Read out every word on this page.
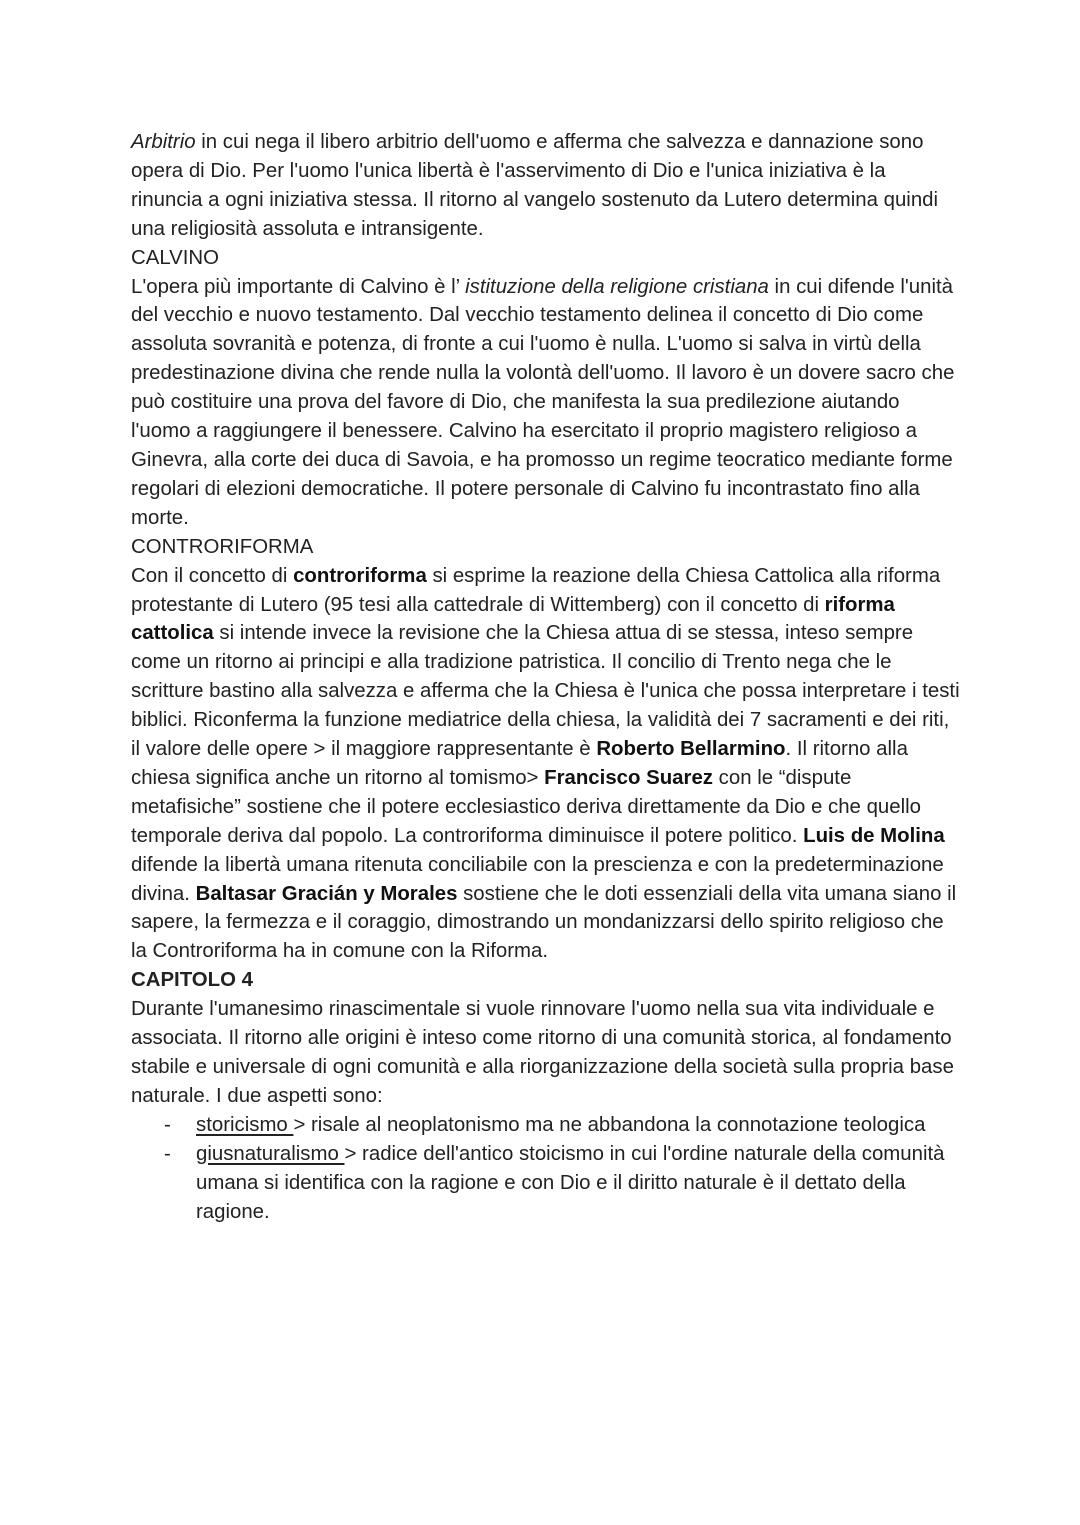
Arbitrio in cui nega il libero arbitrio dell'uomo e afferma che salvezza e dannazione sono opera di Dio. Per l'uomo l'unica libertà è l'asservimento di Dio e l'unica iniziativa è la rinuncia a ogni iniziativa stessa. Il ritorno al vangelo sostenuto da Lutero determina quindi una religiosità assoluta e intransigente.

CALVINO

L'opera più importante di Calvino è l’ istituzione della religione cristiana in cui difende l'unità del vecchio e nuovo testamento. Dal vecchio testamento delinea il concetto di Dio come assoluta sovranità e potenza, di fronte a cui l'uomo è nulla. L'uomo si salva in virtù della predestinazione divina che rende nulla la volontà dell'uomo. Il lavoro è un dovere sacro che può costituire una prova del favore di Dio, che manifesta la sua predilezione aiutando l'uomo a raggiungere il benessere. Calvino ha esercitato il proprio magistero religioso a Ginevra, alla corte dei duca di Savoia, e ha promosso un regime teocratico mediante forme regolari di elezioni democratiche. Il potere personale di Calvino fu incontrastato fino alla morte.

CONTRORIFORMA

Con il concetto di controriforma si esprime la reazione della Chiesa Cattolica alla riforma protestante di Lutero (95 tesi alla cattedrale di Wittemberg) con il concetto di riforma cattolica si intende invece la revisione che la Chiesa attua di se stessa, inteso sempre come un ritorno ai principi e alla tradizione patristica. Il concilio di Trento nega che le scritture bastino alla salvezza e afferma che la Chiesa è l'unica che possa interpretare i testi biblici. Riconferma la funzione mediatrice della chiesa, la validità dei 7 sacramenti e dei riti, il valore delle opere > il maggiore rappresentante è Roberto Bellarmino. Il ritorno alla chiesa significa anche un ritorno al tomismo> Francisco Suarez con le “dispute metafisiche” sostiene che il potere ecclesiastico deriva direttamente da Dio e che quello temporale deriva dal popolo. La controriforma diminuisce il potere politico. Luis de Molina difende la libertà umana ritenuta conciliabile con la prescienza e con la predeterminazione divina. Baltasar Gracián y Morales sostiene che le doti essenziali della vita umana siano il sapere, la fermezza e il coraggio, dimostrando un mondanizzarsi dello spirito religioso che la Controriforma ha in comune con la Riforma.

CAPITOLO 4

Durante l'umanesimo rinascimentale si vuole rinnovare l'uomo nella sua vita individuale e associata. Il ritorno alle origini è inteso come ritorno di una comunità storica, al fondamento stabile e universale di ogni comunità e alla riorganizzazione della società sulla propria base naturale. I due aspetti sono:

- storicismo > risale al neoplatonismo ma ne abbandona la connotazione teologica
- giusnaturalismo > radice dell'antico stoicismo in cui l'ordine naturale della comunità umana si identifica con la ragione e con Dio e il diritto naturale è il dettato della ragione.
